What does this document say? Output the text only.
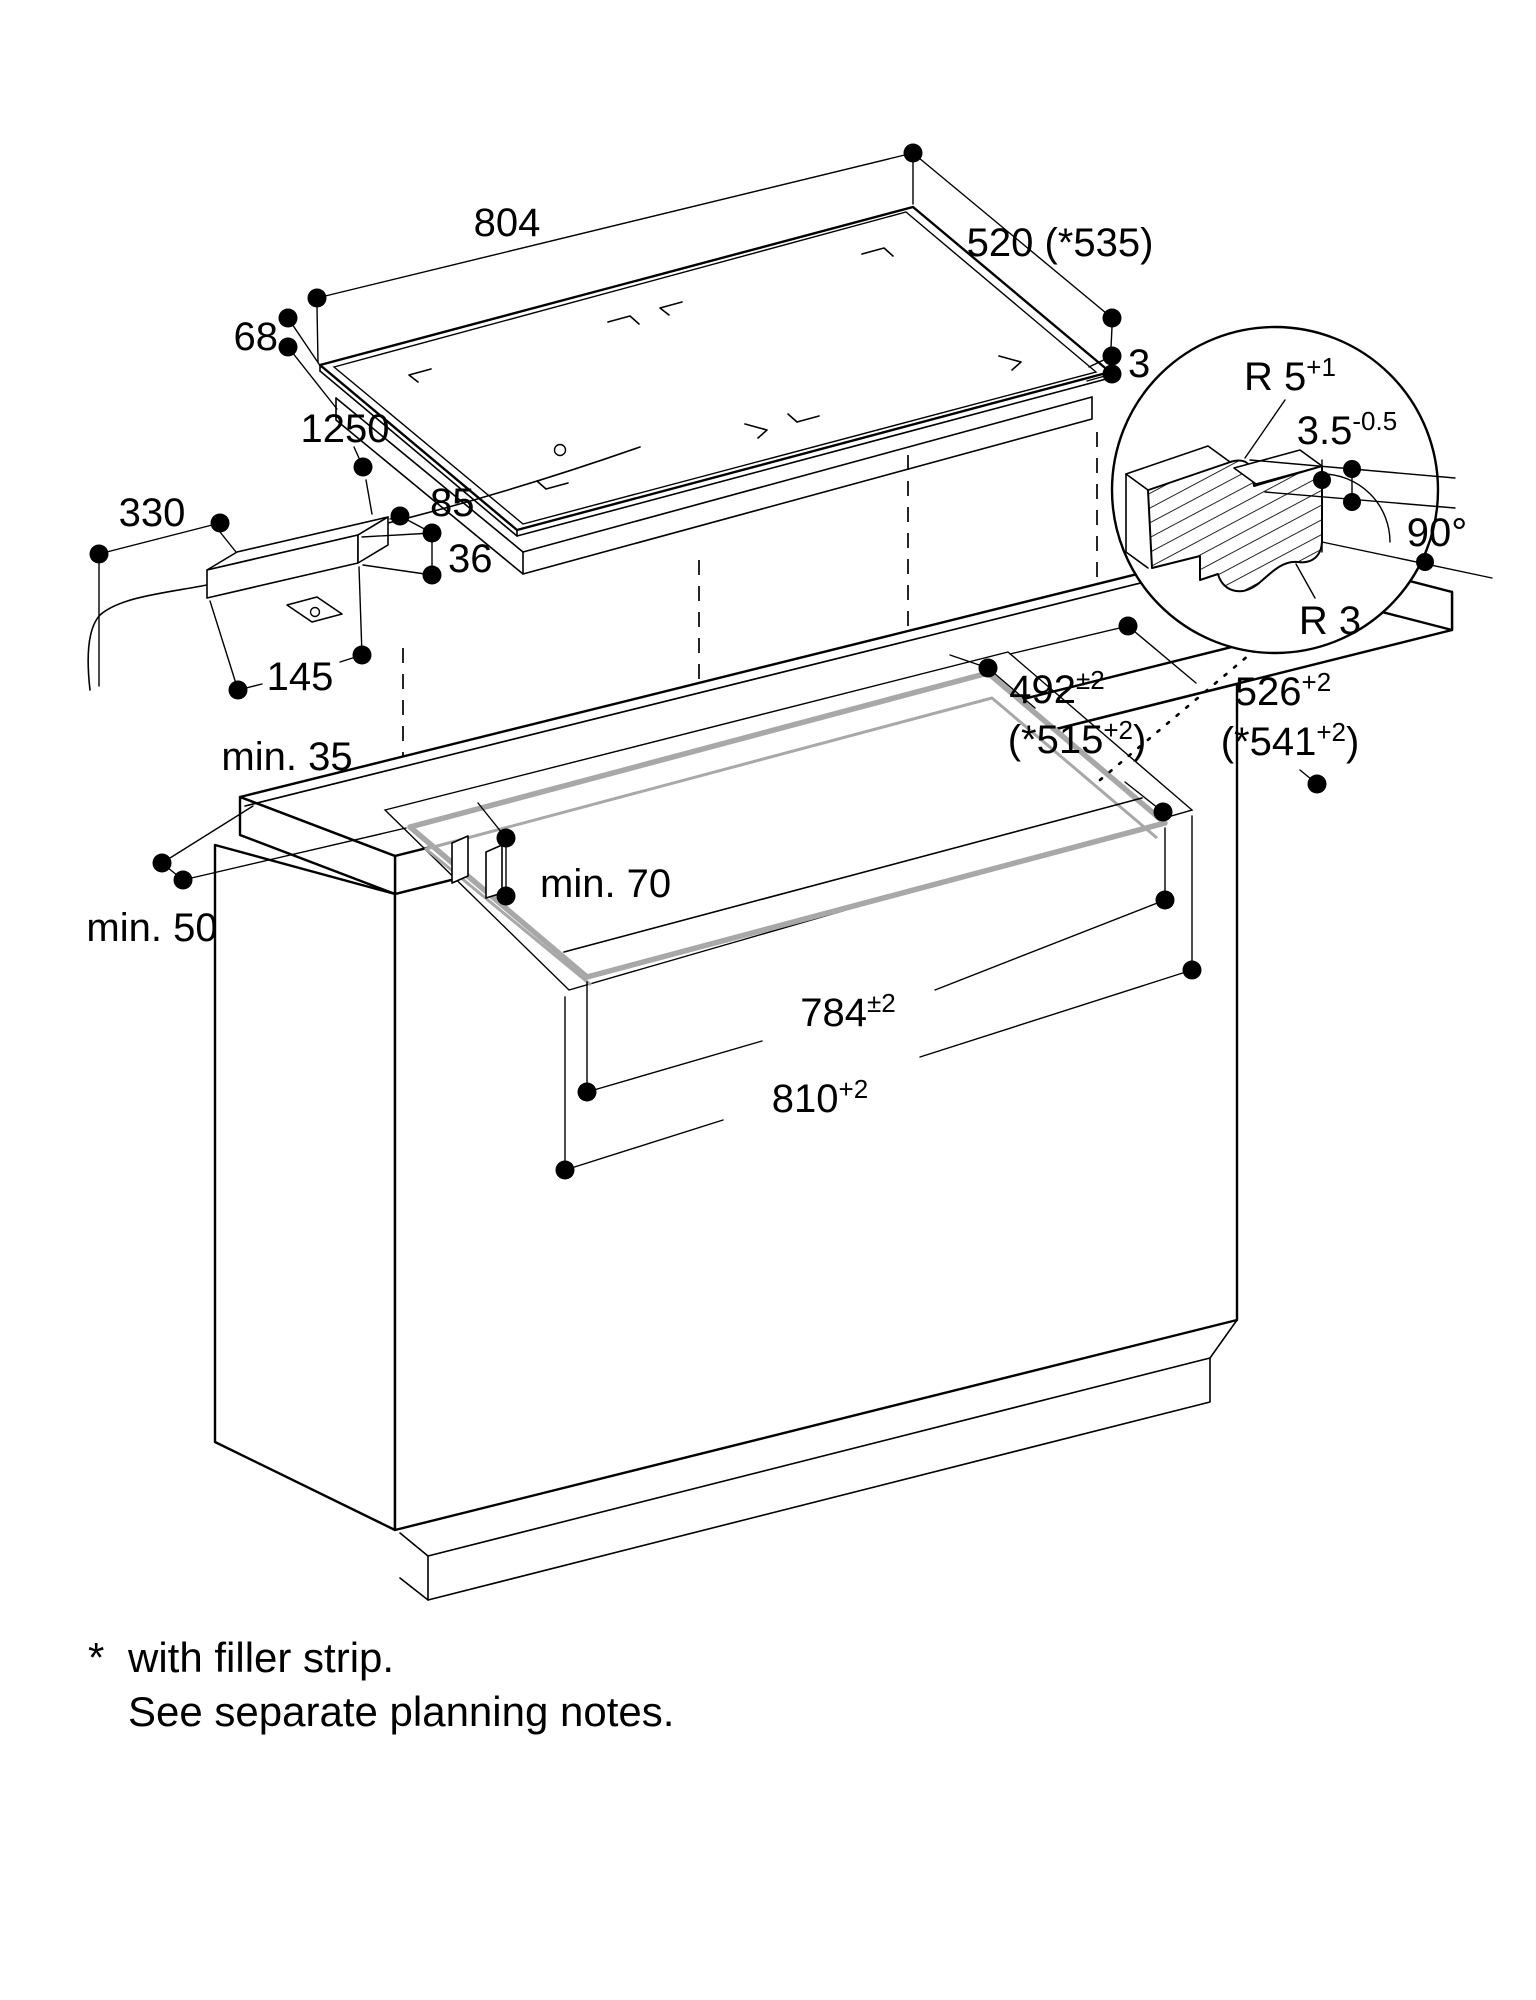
804	520 (*535)
68
3
1250
330	85
36
145
min. 35
min. 50
min. 70
$492^{\pm 2}$
$(*515^{+2})$
$526^{+2}$
$(*541^{+2})$
$784^{\pm 2}$
$810^{+2}$
R $5^{+1}$
$3.5^{-0.5}$
90°
R 3
* with filler strip.
See separate planning notes.
